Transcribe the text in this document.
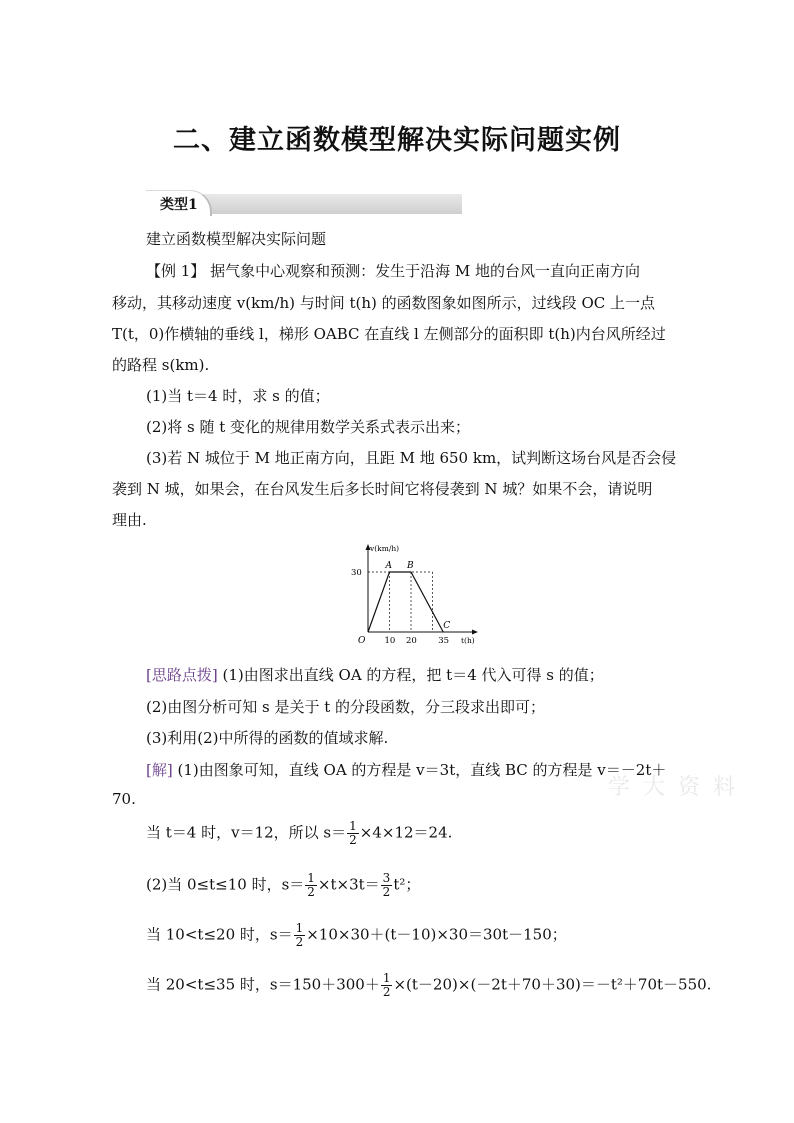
二、建立函数模型解决实际问题实例
类型1
建立函数模型解决实际问题
【例 1】 据气象中心观察和预测：发生于沿海 M 地的台风一直向正南方向
移动，其移动速度 v(km/h) 与时间 t(h) 的函数图象如图所示，过线段 OC 上一点
T(t，0)作横轴的垂线 l，梯形 OABC 在直线 l 左侧部分的面积即 t(h)内台风所经过
的路程 s(km).
(1)当 t＝4 时，求 s 的值；
(2)将 s 随 t 变化的规律用数学关系式表示出来；
(3)若 N 城位于 M 地正南方向，且距 M 地 650 km，试判断这场台风是否会侵
袭到 N 城，如果会，在台风发生后多长时间它将侵袭到 N 城？如果不会，请说明
理由.
A B
C
O 10 20	35
30
v(km/h)
t(h)
[思路点拨] (1)由图求出直线 OA 的方程，把 t＝4 代入可得 s 的值；
(2)由图分析可知 s 是关于 t 的分段函数，分三段求出即可；
(3)利用(2)中所得的函数的值域求解.
[解] (1)由图象可知，直线 OA 的方程是 v＝3t，直线 BC 的方程是 v＝－2t＋
70.
当 t＝4 时，v＝12，所以 $s= \frac{1}{2} \times 4\times 12=24$.
(2)当 0≤t≤10 时，$s= \frac{1}{2} \times t\times 3t= \frac{3}{2} t^2$；
当 10<t≤20 时，$s= \frac{1}{2} \times 10\times 30+(t-10)\times 30=30t-150$；
当 20<t≤35 时，$s=150+300+ \frac{1}{2} \times(t-20)\times(-2t+70+30)=-t^2+70t-550$.
学 大 资 料
